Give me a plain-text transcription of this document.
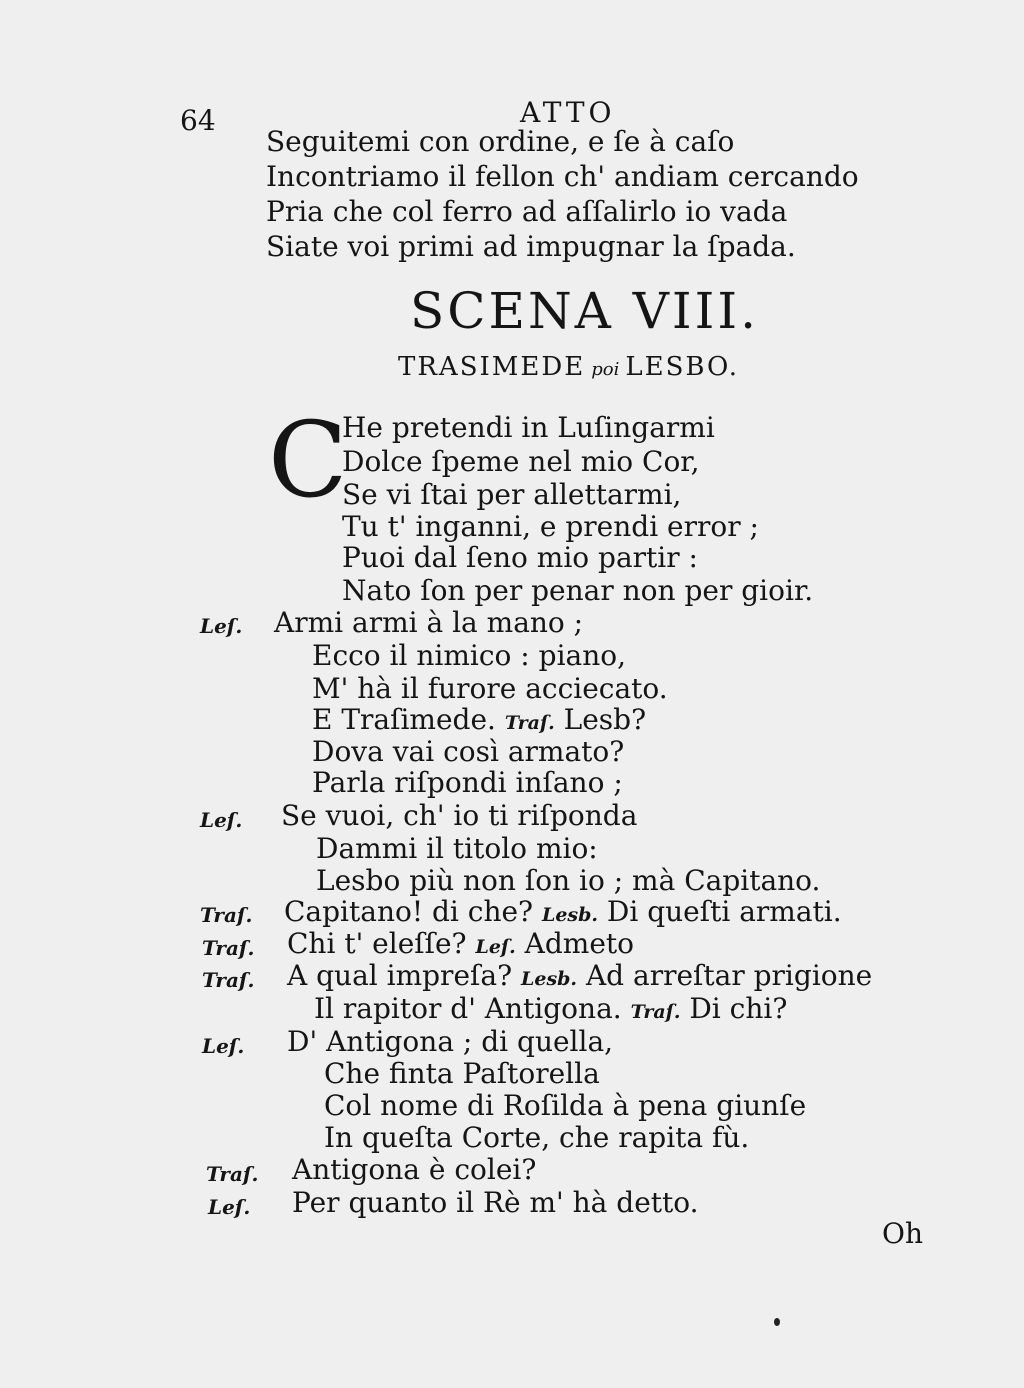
64	ATTO
Seguitemi con ordine, e ſe à caſo
Incontriamo il fellon ch' andiam cercando
Pria che col ferro ad aſſalirlo io vada
Siate voi primi ad impugnar la ſpada.
SCENA VIII.
TRASIMEDE poi LESBO.
C
He pretendi in Luſingarmi
Dolce ſpeme nel mio Cor,
Se vi ſtai per allettarmi,
Tu t' inganni, e prendi error ;
Puoi dal ſeno mio partir :
Nato ſon per penar non per gioir.
Leſ. Armi armi à la mano ;
Ecco il nimico : piano,
M' hà il furore acciecato.
E Traſimede. Traſ. Lesb?
Dova vai così armato?
Parla riſpondi inſano ;
Leſ. Se vuoi, ch' io ti riſponda
Dammi il titolo mio:
Lesbo più non ſon io ; mà Capitano.
Traſ. Capitano! di che? Lesb. Di queſti armati.
Traſ. Chi t' eleſſe? Leſ. Admeto
Traſ. A qual impreſa? Lesb. Ad arreſtar prigione
Il rapitor d' Antigona. Traſ. Di chi?
Leſ. D' Antigona ; di quella,
Che finta Paſtorella
Col nome di Roſilda à pena giunſe
In queſta Corte, che rapita fù.
Traſ. Antigona è colei?
Leſ. Per quanto il Rè m' hà detto.
Oh
